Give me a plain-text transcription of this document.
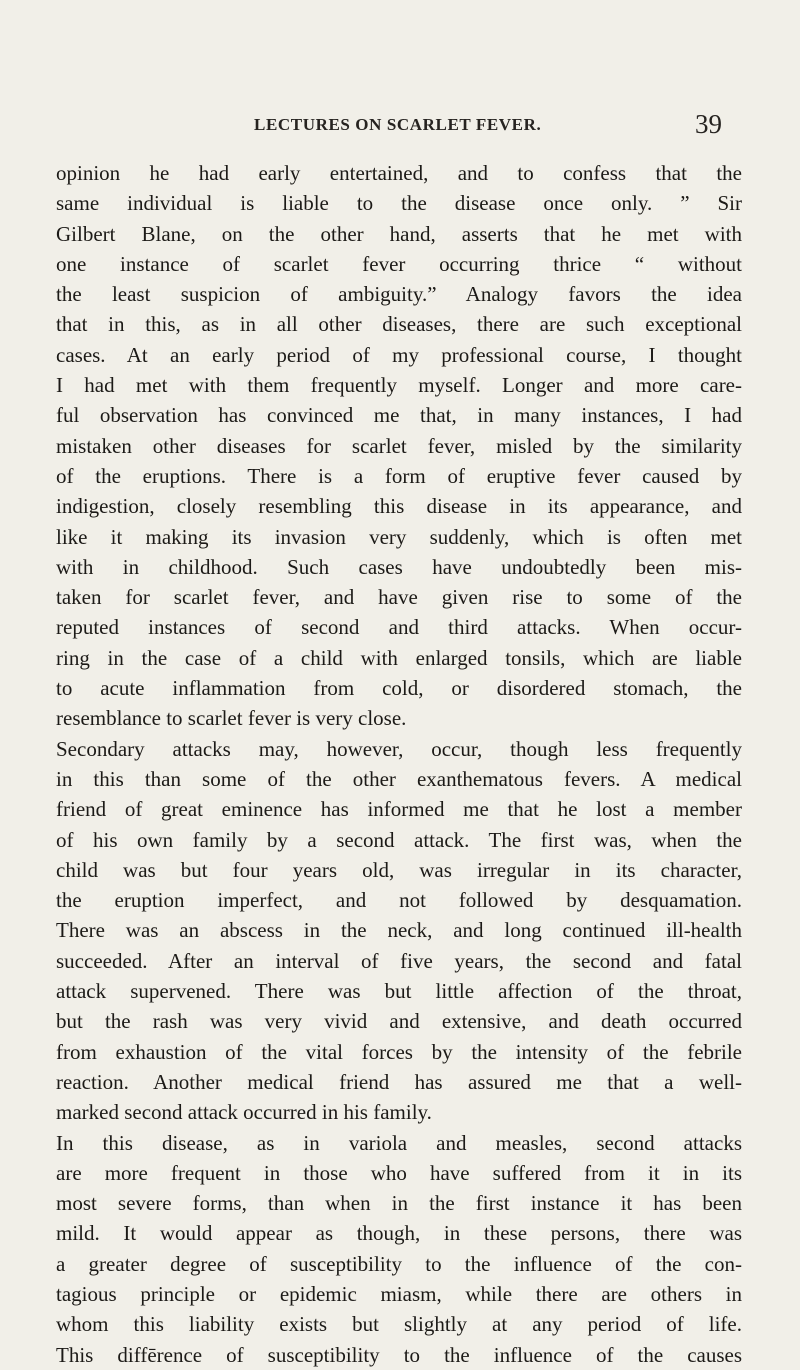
LECTURES ON SCARLET FEVER.	39
opinion he had early entertained, and to confess that the
same individual is liable to the disease once only. ” Sir
Gilbert Blane, on the other hand, asserts that he met with
one instance of scarlet fever occurring thrice “ without
the least suspicion of ambiguity.” Analogy favors the idea
that in this, as in all other diseases, there are such exceptional
cases. At an early period of my professional course, I thought
I had met with them frequently myself. Longer and more care-
ful observation has convinced me that, in many instances, I had
mistaken other diseases for scarlet fever, misled by the similarity
of the eruptions. There is a form of eruptive fever caused by
indigestion, closely resembling this disease in its appearance, and
like it making its invasion very suddenly, which is often met
with in childhood. Such cases have undoubtedly been mis-
taken for scarlet fever, and have given rise to some of the
reputed instances of second and third attacks. When occur-
ring in the case of a child with enlarged tonsils, which are liable
to acute inflammation from cold, or disordered stomach, the
resemblance to scarlet fever is very close.
Secondary attacks may, however, occur, though less frequently
in this than some of the other exanthematous fevers. A medical
friend of great eminence has informed me that he lost a member
of his own family by a second attack. The first was, when the
child was but four years old, was irregular in its character,
the eruption imperfect, and not followed by desquamation.
There was an abscess in the neck, and long continued ill-health
succeeded. After an interval of five years, the second and fatal
attack supervened. There was but little affection of the throat,
but the rash was very vivid and extensive, and death occurred
from exhaustion of the vital forces by the intensity of the febrile
reaction. Another medical friend has assured me that a well-
marked second attack occurred in his family.
In this disease, as in variola and measles, second attacks
are more frequent in those who have suffered from it in its
most severe forms, than when in the first instance it has been
mild. It would appear as though, in these persons, there was
a greater degree of susceptibility to the influence of the con-
tagious principle or epidemic miasm, while there are others in
whom this liability exists but slightly at any period of life.
This diffērence of susceptibility to the influence of the causes
